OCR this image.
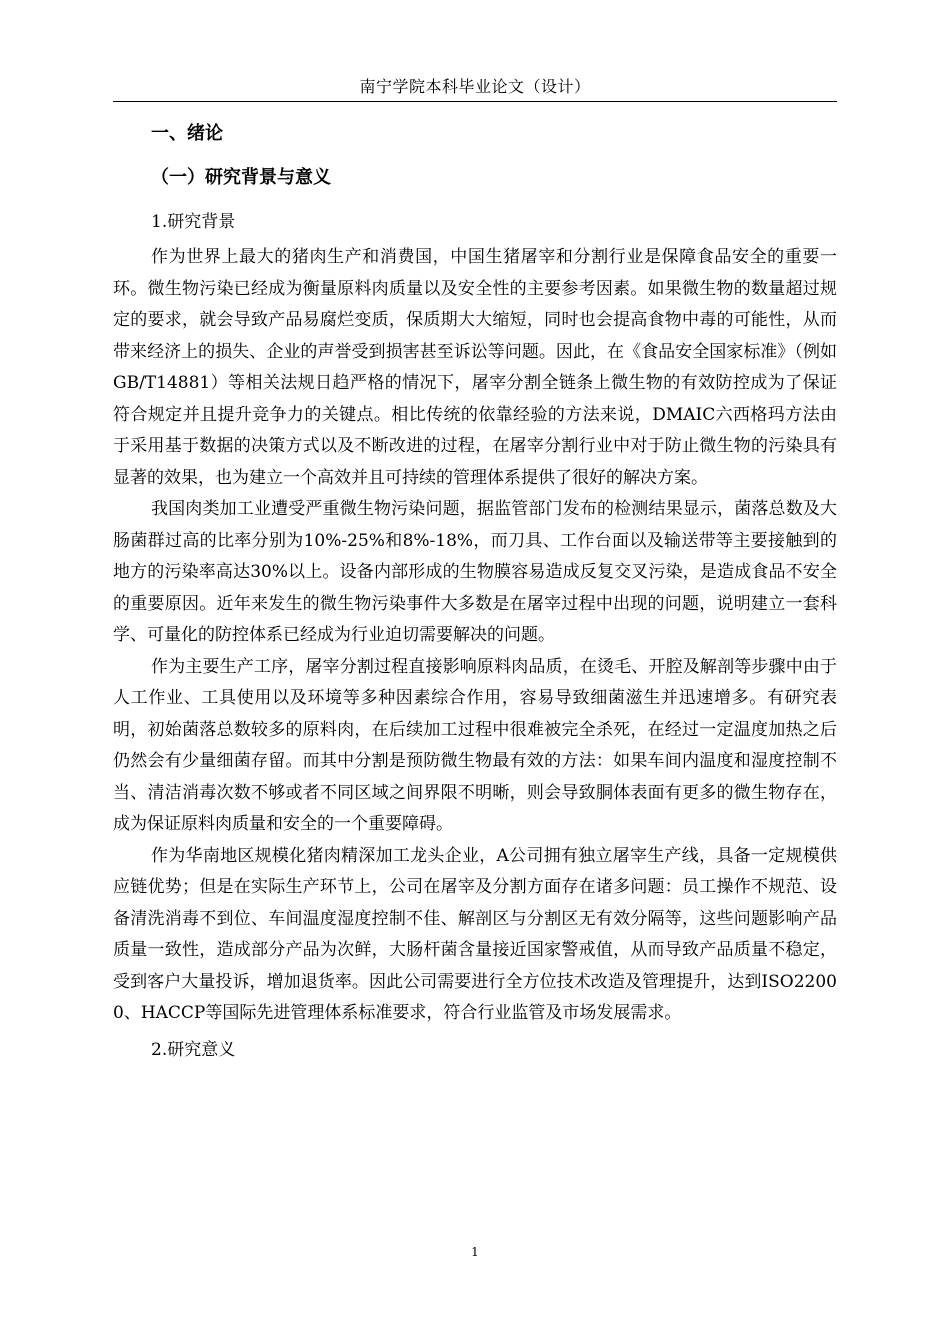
南宁学院本科毕业论文（设计）
一、绪论
（一）研究背景与意义
1.研究背景

作为世界上最大的猪肉生产和消费国，中国生猪屠宰和分割行业是保障食品安全的重要一环。微生物污染已经成为衡量原料肉质量以及安全性的主要参考因素。如果微生物的数量超过规定的要求，就会导致产品易腐烂变质，保质期大大缩短，同时也会提高食物中毒的可能性，从而带来经济上的损失、企业的声誉受到损害甚至诉讼等问题。因此，在《食品安全国家标准》（例如GB/T14881）等相关法规日趋严格的情况下，屠宰分割全链条上微生物的有效防控成为了保证符合规定并且提升竞争力的关键点。相比传统的依靠经验的方法来说，DMAIC六西格玛方法由于采用基于数据的决策方式以及不断改进的过程，在屠宰分割行业中对于防止微生物的污染具有显著的效果，也为建立一个高效并且可持续的管理体系提供了很好的解决方案。

我国肉类加工业遭受严重微生物污染问题，据监管部门发布的检测结果显示，菌落总数及大肠菌群过高的比率分别为10%-25%和8%-18%，而刀具、工作台面以及输送带等主要接触到的地方的污染率高达30%以上。设备内部形成的生物膜容易造成反复交叉污染，是造成食品不安全的重要原因。近年来发生的微生物污染事件大多数是在屠宰过程中出现的问题，说明建立一套科学、可量化的防控体系已经成为行业迫切需要解决的问题。

作为主要生产工序，屠宰分割过程直接影响原料肉品质，在烫毛、开腔及解剖等步骤中由于人工作业、工具使用以及环境等多种因素综合作用，容易导致细菌滋生并迅速增多。有研究表明，初始菌落总数较多的原料肉，在后续加工过程中很难被完全杀死，在经过一定温度加热之后仍然会有少量细菌存留。而其中分割是预防微生物最有效的方法：如果车间内温度和湿度控制不当、清洁消毒次数不够或者不同区域之间界限不明晰，则会导致胴体表面有更多的微生物存在，成为保证原料肉质量和安全的一个重要障碍。

作为华南地区规模化猪肉精深加工龙头企业，A公司拥有独立屠宰生产线，具备一定规模供应链优势；但是在实际生产环节上，公司在屠宰及分割方面存在诸多问题：员工操作不规范、设备清洗消毒不到位、车间温度湿度控制不佳、解剖区与分割区无有效分隔等，这些问题影响产品质量一致性，造成部分产品为次鲜，大肠杆菌含量接近国家警戒值，从而导致产品质量不稳定，受到客户大量投诉，增加退货率。因此公司需要进行全方位技术改造及管理提升，达到ISO22000、HACCP等国际先进管理体系标准要求，符合行业监管及市场发展需求。

2.研究意义
1
